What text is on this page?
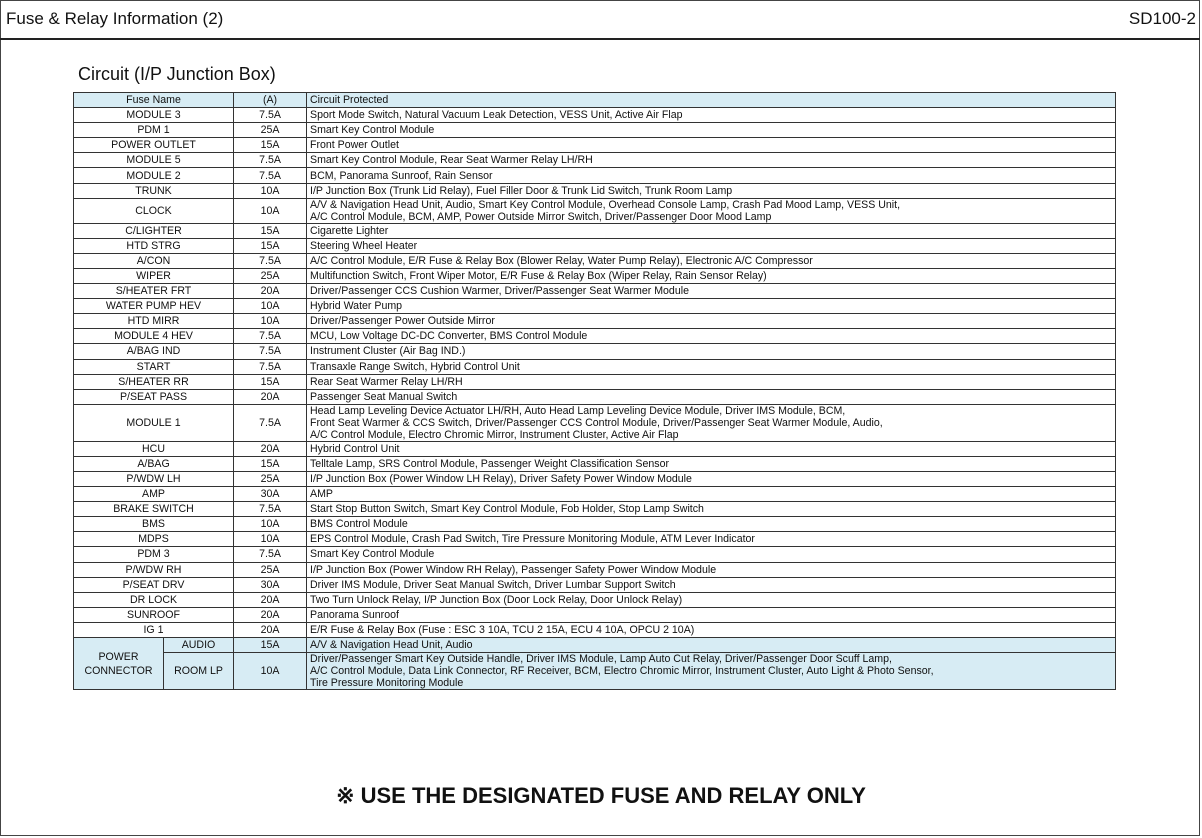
Fuse & Relay Information (2)	SD100-2
Circuit (I/P Junction Box)
Fuse Name		(A)	Circuit Protected
MODULE 3		7.5A	Sport Mode Switch, Natural Vacuum Leak Detection, VESS Unit, Active Air Flap

PDM 1		25A	Smart Key Control Module

POWER OUTLET		15A	Front Power Outlet

MODULE 5		7.5A	Smart Key Control Module, Rear Seat Warmer Relay LH/RH

MODULE 2		7.5A	BCM, Panorama Sunroof, Rain Sensor

TRUNK		10A	I/P Junction Box (Trunk Lid Relay), Fuel Filler Door & Trunk Lid Switch, Trunk Room Lamp

CLOCK		10A	A/V & Navigation Head Unit, Audio, Smart Key Control Module, Overhead Console Lamp, Crash Pad Mood Lamp, VESS Unit,
A/C Control Module, BCM, AMP, Power Outside Mirror Switch, Driver/Passenger Door Mood Lamp

C/LIGHTER		15A	Cigarette Lighter

HTD STRG		15A	Steering Wheel Heater

A/CON		7.5A	A/C Control Module, E/R Fuse & Relay Box (Blower Relay, Water Pump Relay), Electronic A/C Compressor

WIPER		25A	Multifunction Switch, Front Wiper Motor, E/R Fuse & Relay Box (Wiper Relay, Rain Sensor Relay)

S/HEATER FRT		20A	Driver/Passenger CCS Cushion Warmer, Driver/Passenger Seat Warmer Module

WATER PUMP HEV		10A	Hybrid Water Pump

HTD MIRR		10A	Driver/Passenger Power Outside Mirror

MODULE 4 HEV		7.5A	MCU, Low Voltage DC-DC Converter, BMS Control Module

A/BAG IND		7.5A	Instrument Cluster (Air Bag IND.)

START		7.5A	Transaxle Range Switch, Hybrid Control Unit

S/HEATER RR		15A	Rear Seat Warmer Relay LH/RH

P/SEAT PASS		20A	Passenger Seat Manual Switch

MODULE 1		7.5A	Head Lamp Leveling Device Actuator LH/RH, Auto Head Lamp Leveling Device Module, Driver IMS Module, BCM,
Front Seat Warmer & CCS Switch, Driver/Passenger CCS Control Module, Driver/Passenger Seat Warmer Module, Audio,
A/C Control Module, Electro Chromic Mirror, Instrument Cluster, Active Air Flap

HCU		20A	Hybrid Control Unit

A/BAG		15A	Telltale Lamp, SRS Control Module, Passenger Weight Classification Sensor

P/WDW LH		25A	I/P Junction Box (Power Window LH Relay), Driver Safety Power Window Module

AMP		30A	AMP

BRAKE SWITCH		7.5A	Start Stop Button Switch, Smart Key Control Module, Fob Holder, Stop Lamp Switch

BMS		10A	BMS Control Module

MDPS		10A	EPS Control Module, Crash Pad Switch, Tire Pressure Monitoring Module, ATM Lever Indicator

PDM 3		7.5A	Smart Key Control Module

P/WDW RH		25A	I/P Junction Box (Power Window RH Relay), Passenger Safety Power Window Module

P/SEAT DRV		30A	Driver IMS Module, Driver Seat Manual Switch, Driver Lumbar Support Switch

DR LOCK		20A	Two Turn Unlock Relay, I/P Junction Box (Door Lock Relay, Door Unlock Relay)

SUNROOF		20A	Panorama Sunroof

IG 1		20A	E/R Fuse & Relay Box (Fuse : ESC 3 10A, TCU 2 15A, ECU 4 10A, OPCU 2 10A)

POWER CONNECTOR	AUDIO	15A	A/V & Navigation Head Unit, Audio

	ROOM LP	10A	Driver/Passenger Smart Key Outside Handle, Driver IMS Module, Lamp Auto Cut Relay, Driver/Passenger Door Scuff Lamp,
A/C Control Module, Data Link Connector, RF Receiver, BCM, Electro Chromic Mirror, Instrument Cluster, Auto Light & Photo Sensor,
Tire Pressure Monitoring Module
※ USE THE DESIGNATED FUSE AND RELAY ONLY
